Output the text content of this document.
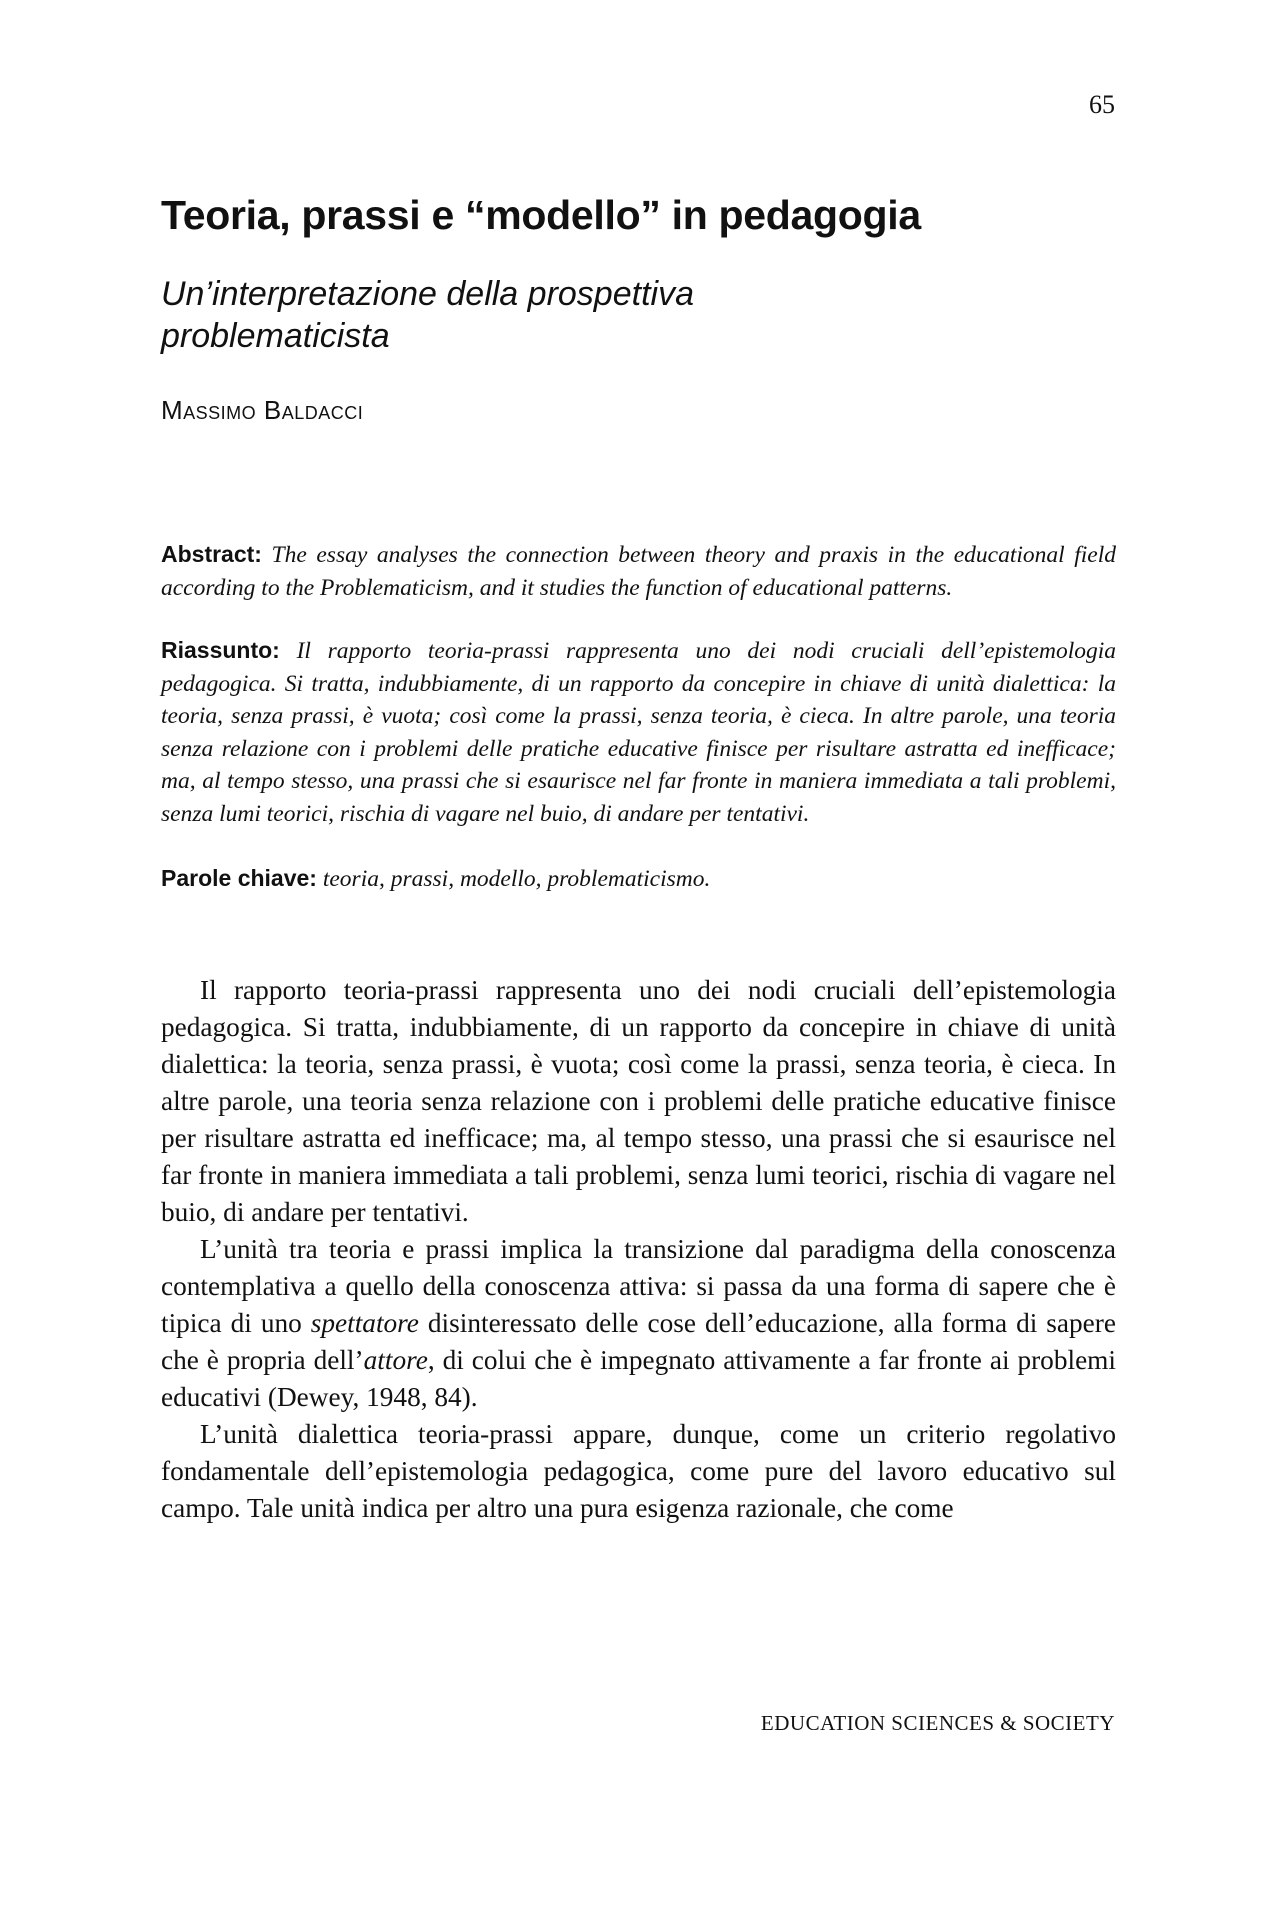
65
Teoria, prassi e “modello” in pedagogia
Un’interpretazione della prospettiva problematicista
Massimo Baldacci
Abstract: The essay analyses the connection between theory and praxis in the educational field according to the Problematicism, and it studies the function of educational patterns.
Riassunto: Il rapporto teoria-prassi rappresenta uno dei nodi cruciali dell’epistemologia pedagogica. Si tratta, indubbiamente, di un rapporto da concepire in chiave di unità dialettica: la teoria, senza prassi, è vuota; così come la prassi, senza teoria, è cieca. In altre parole, una teoria senza relazione con i problemi delle pratiche educative finisce per risultare astratta ed inefficace; ma, al tempo stesso, una prassi che si esaurisce nel far fronte in maniera immediata a tali problemi, senza lumi teorici, rischia di vagare nel buio, di andare per tentativi.
Parole chiave: teoria, prassi, modello, problematicismo.

Il rapporto teoria-prassi rappresenta uno dei nodi cruciali dell’epistemologia pedagogica. Si tratta, indubbiamente, di un rapporto da concepire in chiave di unità dialettica: la teoria, senza prassi, è vuota; così come la prassi, senza teoria, è cieca. In altre parole, una teoria senza relazione con i problemi delle pratiche educative finisce per risultare astratta ed inefficace; ma, al tempo stesso, una prassi che si esaurisce nel far fronte in maniera immediata a tali problemi, senza lumi teorici, rischia di vagare nel buio, di andare per tentativi.

L’unità tra teoria e prassi implica la transizione dal paradigma della conoscenza contemplativa a quello della conoscenza attiva: si passa da una forma di sapere che è tipica di uno spettatore disinteressato delle cose dell’educazione, alla forma di sapere che è propria dell’attore, di colui che è impegnato attivamente a far fronte ai problemi educativi (Dewey, 1948, 84).

L’unità dialettica teoria-prassi appare, dunque, come un criterio regolativo fondamentale dell’epistemologia pedagogica, come pure del lavoro educativo sul campo. Tale unità indica per altro una pura esigenza razionale, che come

EDUCATION SCIENCES & SOCIETY
